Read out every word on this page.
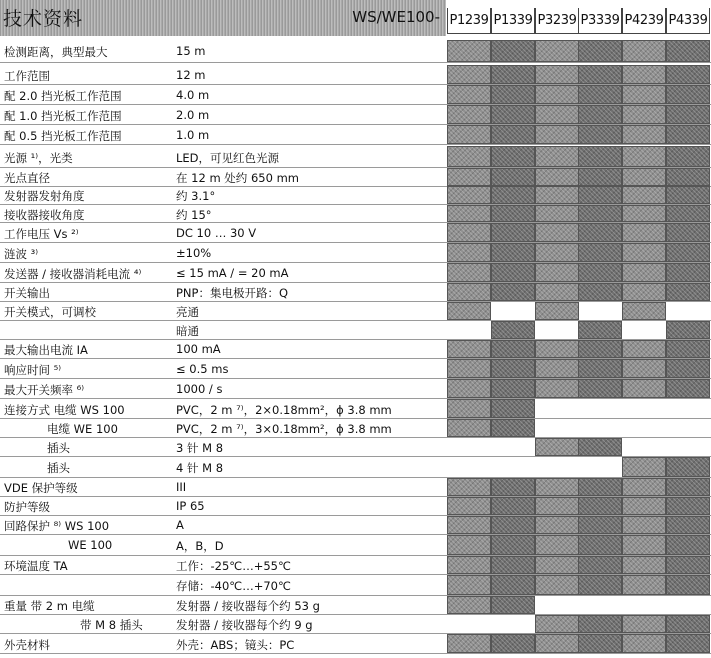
技术资料	WS/WE100- P1239 P1339 P3239 P3339 P4239 P4339
检测距离，典型最大	15 m
工作范围	12 m
配 2.0 挡光板工作范围	4.0 m
配 1.0 挡光板工作范围	2.0 m
配 0.5 挡光板工作范围	1.0 m
光源 ¹⁾，光类	LED，可见红色光源
光点直径	在 12 m 处约 650 mm
发射器发射角度	约 3.1°
接收器接收角度	约 15°
工作电压 Vs ²⁾	DC 10 … 30 V
涟波 ³⁾	±10%
发送器 / 接收器消耗电流 ⁴⁾	≤ 15 mA / = 20 mA
开关输出	PNP：集电极开路：Q
开关模式，可调校	亮通
暗通
最大输出电流 IA	100 mA
响应时间 ⁵⁾	≤ 0.5 ms
最大开关频率 ⁶⁾	1000 / s
连接方式 电缆 WS 100	PVC，2 m ⁷⁾，2×0.18mm²，ϕ 3.8 mm
电缆 WE 100	PVC，2 m ⁷⁾，3×0.18mm²，ϕ 3.8 mm
插头	3 针 M 8
插头	4 针 M 8
VDE 保护等级	III
防护等级	IP 65
回路保护 ⁸⁾ WS 100	A
WE 100	A，B，D
环境温度 TA	工作：-25℃…+55℃
存储：-40℃…+70℃
重量 带 2 m 电缆	发射器 / 接收器每个约 53 g
带 M 8 插头	发射器 / 接收器每个约 9 g
外壳材料	外壳：ABS；镜头：PC
